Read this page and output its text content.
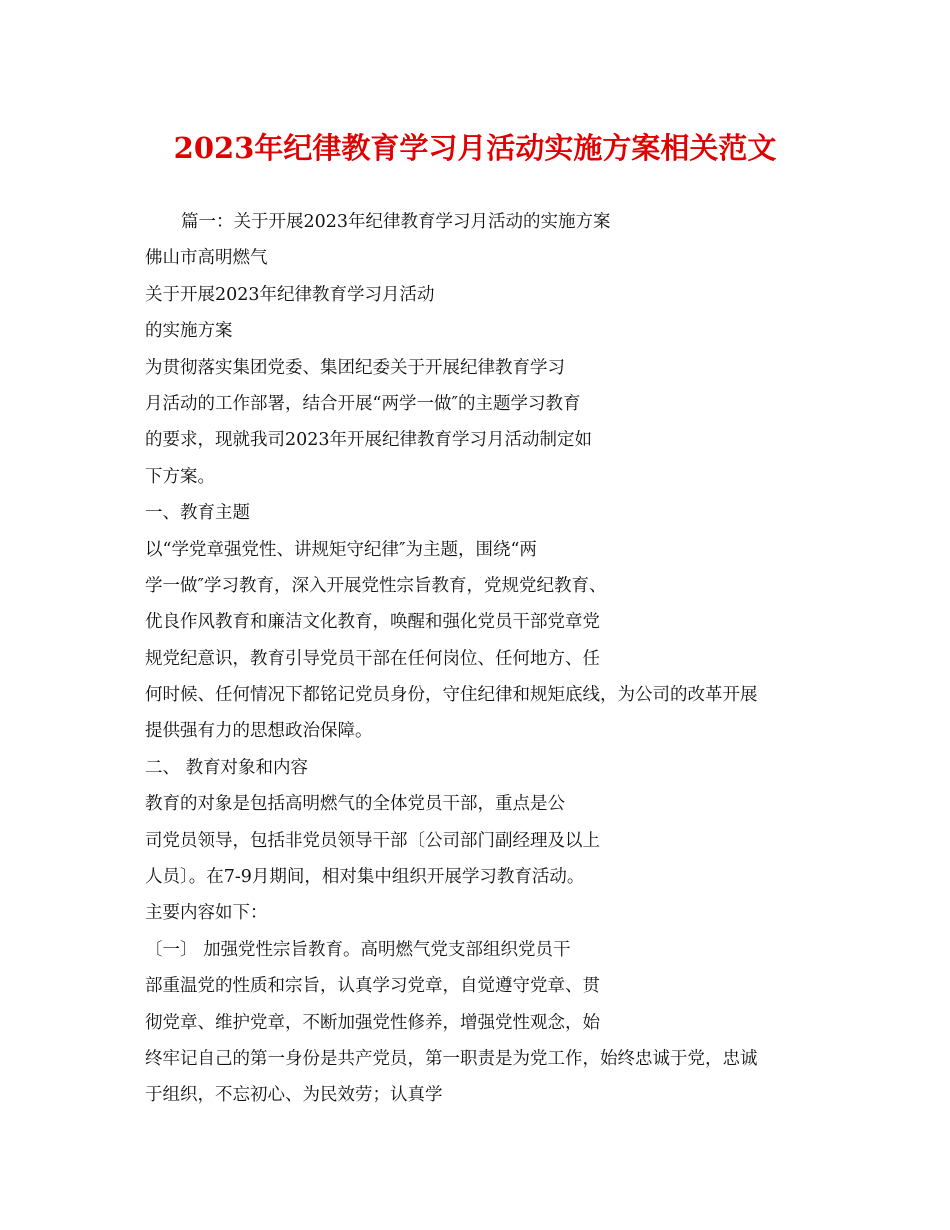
2023年纪律教育学习月活动实施方案相关范文
篇一：关于开展2023年纪律教育学习月活动的实施方案
佛山市高明燃气
关于开展2023年纪律教育学习月活动
的实施方案
为贯彻落实集团党委、集团纪委关于开展纪律教育学习
月活动的工作部署，结合开展“两学一做″的主题学习教育
的要求，现就我司2023年开展纪律教育学习月活动制定如
下方案。
一、教育主题
以“学党章强党性、讲规矩守纪律″为主题，围绕“两
学一做″学习教育，深入开展党性宗旨教育，党规党纪教育、
优良作风教育和廉洁文化教育，唤醒和强化党员干部党章党
规党纪意识，教育引导党员干部在任何岗位、任何地方、任
何时候、任何情况下都铭记党员身份，守住纪律和规矩底线，为公司的改革开展
提供强有力的思想政治保障。
二、 教育对象和内容
教育的对象是包括高明燃气的全体党员干部，重点是公
司党员领导，包括非党员领导干部〔公司部门副经理及以上
人员〕。在7-9月期间，相对集中组织开展学习教育活动。
主要内容如下：
〔一〕 加强党性宗旨教育。高明燃气党支部组织党员干
部重温党的性质和宗旨，认真学习党章，自觉遵守党章、贯
彻党章、维护党章，不断加强党性修养，增强党性观念，始
终牢记自己的第一身份是共产党员，第一职责是为党工作，始终忠诚于党，忠诚
于组织，不忘初心、为民效劳；认真学
